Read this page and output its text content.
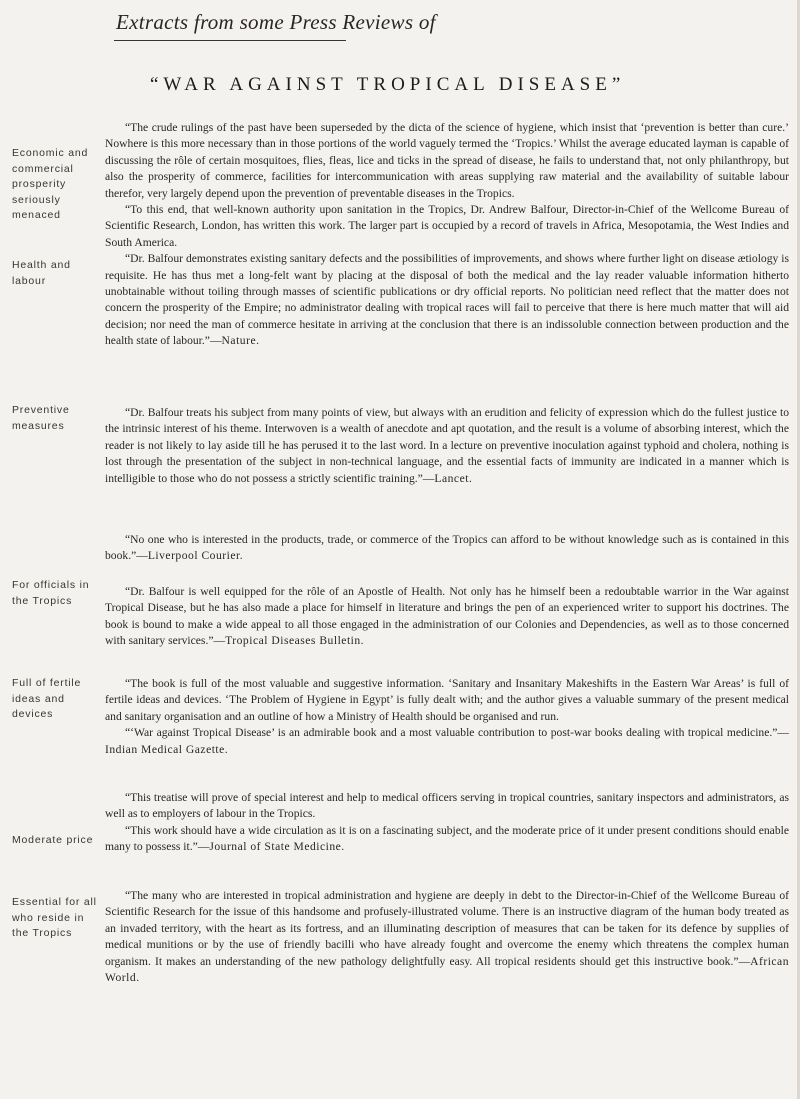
Extracts from some Press Reviews of
“WAR AGAINST TROPICAL DISEASE”
Economic and commercial prosperity seriously menaced
Health and labour
Preventive measures
For officials in the Tropics
Full of fertile ideas and devices
Moderate price
Essential for all who reside in the Tropics

“The crude rulings of the past have been superseded by the dicta of the science of hygiene, which insist that ‘prevention is better than cure.’ Nowhere is this more necessary than in those portions of the world vaguely termed the ‘Tropics.’ Whilst the average educated layman is capable of discussing the rôle of certain mosquitoes, flies, fleas, lice and ticks in the spread of disease, he fails to understand that, not only philanthropy, but also the prosperity of commerce, facilities for intercommunication with areas supplying raw material and the availability of suitable labour therefor, very largely depend upon the prevention of preventable diseases in the Tropics.

“To this end, that well-known authority upon sanitation in the Tropics, Dr. Andrew Balfour, Director-in-Chief of the Wellcome Bureau of Scientific Research, London, has written this work. The larger part is occupied by a record of travels in Africa, Mesopotamia, the West Indies and South America.

“Dr. Balfour demonstrates existing sanitary defects and the possibilities of improvements, and shows where further light on disease ætiology is requisite. He has thus met a long-felt want by placing at the disposal of both the medical and the lay reader valuable information hitherto unobtainable without toiling through masses of scientific publications or dry official reports. No politician need reflect that the matter does not concern the prosperity of the Empire; no administrator dealing with tropical races will fail to perceive that there is here much matter that will aid decision; nor need the man of commerce hesitate in arriving at the conclusion that there is an indissoluble connection between production and the health state of labour.”—Nature.

“Dr. Balfour treats his subject from many points of view, but always with an erudition and felicity of expression which do the fullest justice to the intrinsic interest of his theme. Interwoven is a wealth of anecdote and apt quotation, and the result is a volume of absorbing interest, which the reader is not likely to lay aside till he has perused it to the last word. In a lecture on preventive inoculation against typhoid and cholera, nothing is lost through the presentation of the subject in non-technical language, and the essential facts of immunity are indicated in a manner which is intelligible to those who do not possess a strictly scientific training.”—Lancet.

“No one who is interested in the products, trade, or commerce of the Tropics can afford to be without knowledge such as is contained in this book.”—Liverpool Courier.

“Dr. Balfour is well equipped for the rôle of an Apostle of Health. Not only has he himself been a redoubtable warrior in the War against Tropical Disease, but he has also made a place for himself in literature and brings the pen of an experienced writer to support his doctrines. The book is bound to make a wide appeal to all those engaged in the administration of our Colonies and Dependencies, as well as to those concerned with sanitary services.”—Tropical Diseases Bulletin.

“The book is full of the most valuable and suggestive information. ‘Sanitary and Insanitary Makeshifts in the Eastern War Areas’ is full of fertile ideas and devices. ‘The Problem of Hygiene in Egypt’ is fully dealt with; and the author gives a valuable summary of the present medical and sanitary organisation and an outline of how a Ministry of Health should be organised and run.

“‘War against Tropical Disease’ is an admirable book and a most valuable contribution to post-war books dealing with tropical medicine.”—Indian Medical Gazette.

“This treatise will prove of special interest and help to medical officers serving in tropical countries, sanitary inspectors and administrators, as well as to employers of labour in the Tropics.

“This work should have a wide circulation as it is on a fascinating subject, and the moderate price of it under present conditions should enable many to possess it.”—Journal of State Medicine.

“The many who are interested in tropical administration and hygiene are deeply in debt to the Director-in-Chief of the Wellcome Bureau of Scientific Research for the issue of this handsome and profusely-illustrated volume. There is an instructive diagram of the human body treated as an invaded territory, with the heart as its fortress, and an illuminating description of measures that can be taken for its defence by supplies of medical munitions or by the use of friendly bacilli who have already fought and overcome the enemy which threatens the complex human organism. It makes an understanding of the new pathology delightfully easy. All tropical residents should get this instructive book.”—African World.
